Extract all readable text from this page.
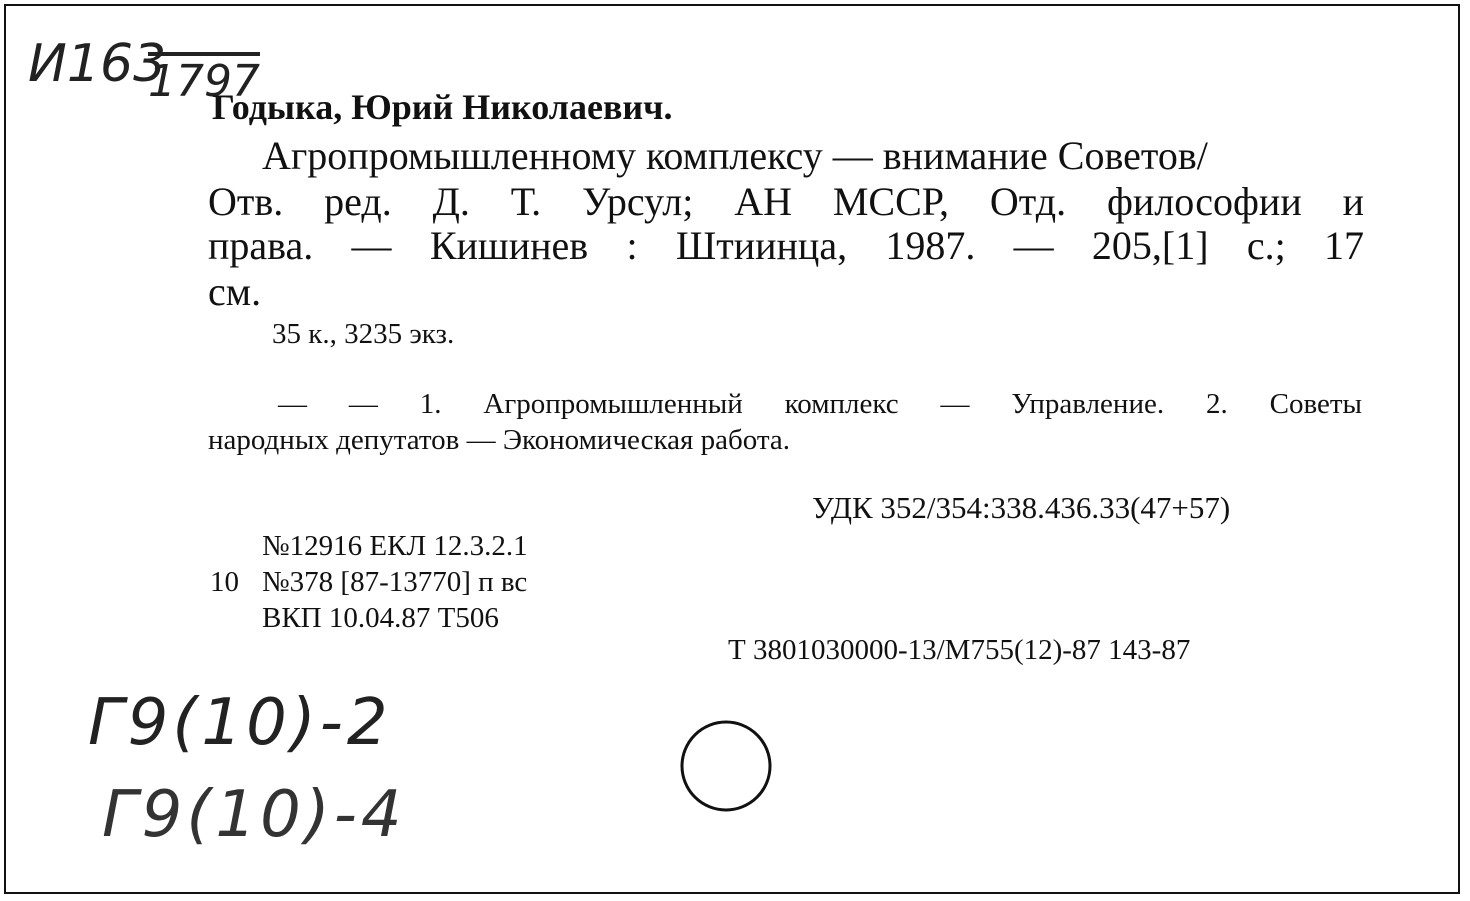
И163
1797
Годыка, Юрий Николаевич.
Агропромышленному комплексу — внимание Советов/
Отв. ред. Д. Т. Урсул; АН МССР, Отд. философии и
права. — Кишинев : Штиинца, 1987. — 205,[1] с.; 17
см.
35 к., 3235 экз.
— — 1. Агропромышленный комплекс — Управление. 2. Советы
народных депутатов — Экономическая работа.
УДК 352/354:338.436.33(47+57)
10
№12916 ЕКЛ 12.3.2.1
№378 [87-13770] п вс
ВКП 10.04.87 Т506
Т 3801030000-13/М755(12)-87 143-87
Г9(10)-2
Г9(10)-4
